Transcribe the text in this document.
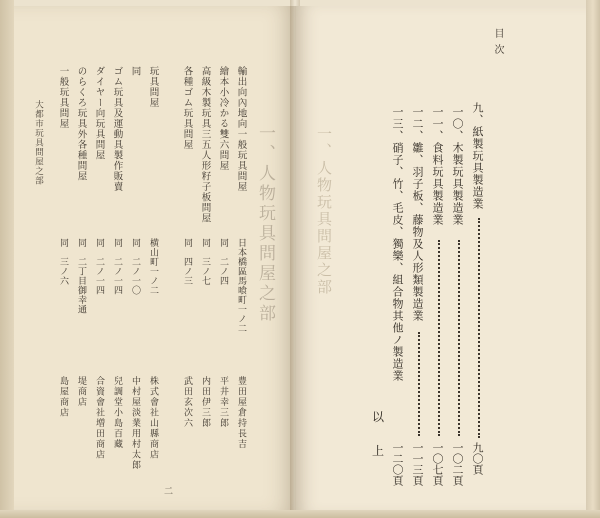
一、人物玩具問屋之部
輸出向內地向一般玩具問屋
繪本小冷かる雙六問屋
高級木製玩具三五人形籽子板問屋
各種ゴム玩具問屋
玩具問屋
同
ゴム玩具及運動具製作販賣
ダイヤー向玩具問屋
のらくろ玩具外各種問屋
一般玩具問屋
日本橋區馬喰町一ノ二
同　二ノ四
同　三ノ七
同　四ノ三
横山町一ノ二
同　二ノ一〇
同　二ノ一四
同　二ノ一四
同　二丁目御幸通
同　三ノ六
豊田屋倉持長吉
平井幸三郎
内田伊三郎
武田玄次六
株式會社山縣商店
中村屋淡業用村太郎
兒調堂小島百藏
合資會社増田商店
堤商店
島屋商店
大都市玩具問屋之部
二
一、人物玩具問屋之部
目次
九、紙製玩具製造業
九〇頁
一〇、木製玩具製造業
一〇二頁
一一、食料玩具製造業
一〇七頁
一二、雛、羽子板、藤物及人形類製造業
一一三頁
一三、硝子、竹、毛皮、獨樂、組合物其他ノ製造業
一二〇頁
以
上
